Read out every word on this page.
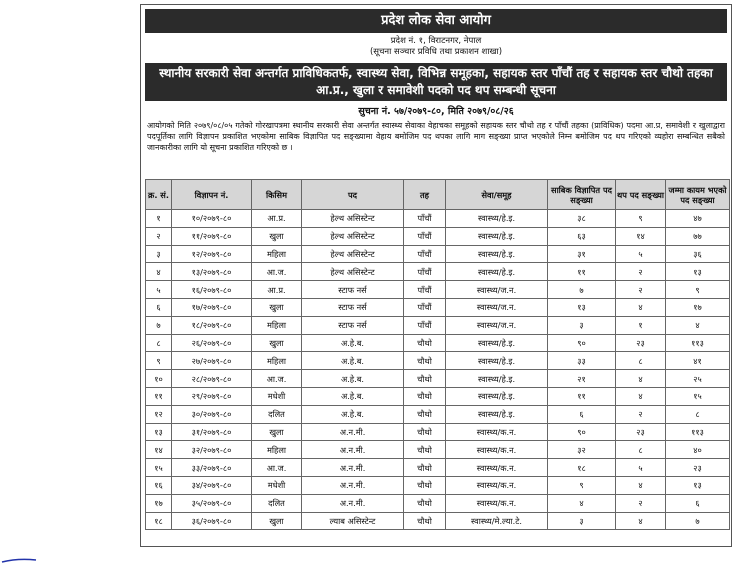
प्रदेश लोक सेवा आयोग
प्रदेश नं. १, विराटनगर, नेपाल
(सूचना सञ्चार प्रविधि तथा प्रकाशन शाखा)
स्थानीय सरकारी सेवा अन्तर्गत प्राविधिकतर्फ, स्वास्थ्य सेवा, विभिन्न समूहका, सहायक स्तर पाँचौं तह र सहायक स्तर चौथो तहका आ.प्र., खुला र समावेशी पदको पद थप सम्बन्धी सूचना
सुचना नं. ५७/२०७९-८०, मिति २०७९/०८/२६
आयोगको मिति २०७९/०८/०५ गतेको गोरखापत्रमा स्थानीय सरकारी सेवा अन्तर्गत स्वास्थ्य सेवाका वेहाचका समूहको सहायक स्तर चौथो तह र पाँचौं तहका (प्राविधिक) पदमा आ.प्र, समावेशी र खुलाद्वारा पदपूर्तिका लागि विज्ञापन प्रकाशित भएकोमा साबिक विज्ञापित पद सङ्ख्यामा वेहाय बमोजिम पद थपका लागि माग सङ्ख्या प्राप्त भएकोले निम्न बमोजिम पद थप गरिएको व्यहोरा सम्बन्धित सबैको जानकारीका लागि यो सूचना प्रकाशित गरिएको छ ।
क्र. सं.	विज्ञापन नं.	किसिम	पद	तह	सेवा/समूह	साबिक विज्ञापित पद सङ्ख्या	थप पद सङ्ख्या	जम्मा कायम भएको पद सङ्ख्या
१	१०/२०७९-८०	आ.प्र.	हेल्थ असिस्टेन्ट	पाँचौं	स्वास्थ्य/हे.इ.	३८	९	४७
२	११/२०७९-८०	खुला	हेल्थ असिस्टेन्ट	पाँचौं	स्वास्थ्य/हे.इ.	६३	१४	७७
३	१२/२०७९-८०	महिला	हेल्थ असिस्टेन्ट	पाँचौं	स्वास्थ्य/हे.इ.	३१	५	३६
४	१३/२०७९-८०	आ.ज.	हेल्थ असिस्टेन्ट	पाँचौं	स्वास्थ्य/हे.इ.	११	२	१३
५	१६/२०७९-८०	आ.प्र.	स्टाफ नर्स	पाँचौं	स्वास्थ्य/ज.न.	७	२	९
६	१७/२०७९-८०	खुला	स्टाफ नर्स	पाँचौं	स्वास्थ्य/ज.न.	१३	४	१७
७	१८/२०७९-८०	महिला	स्टाफ नर्स	पाँचौं	स्वास्थ्य/ज.न.	३	१	४
८	२६/२०७९-८०	खुला	अ.हे.ब.	चौथो	स्वास्थ्य/हे.इ.	९०	२३	११३
९	२७/२०७९-८०	महिला	अ.हे.ब.	चौथो	स्वास्थ्य/हे.इ.	३३	८	४१
१०	२८/२०७९-८०	आ.ज.	अ.हे.ब.	चौथो	स्वास्थ्य/हे.इ.	२१	४	२५
११	२९/२०७९-८०	मधेशी	अ.हे.ब.	चौथो	स्वास्थ्य/हे.इ.	११	४	१५
१२	३०/२०७९-८०	दलित	अ.हे.ब.	चौथो	स्वास्थ्य/हे.इ.	६	२	८
१३	३१/२०७९-८०	खुला	अ.न.मी.	चौथो	स्वास्थ्य/क.न.	९०	२३	११३
१४	३२/२०७९-८०	महिला	अ.न.मी.	चौथो	स्वास्थ्य/क.न.	३२	८	४०
१५	३३/२०७९-८०	आ.ज.	अ.न.मी.	चौथो	स्वास्थ्य/क.न.	१८	५	२३
१६	३४/२०७९-८०	मधेशी	अ.न.मी.	चौथो	स्वास्थ्य/क.न.	९	४	१३
१७	३५/२०७९-८०	दलित	अ.न.मी.	चौथो	स्वास्थ्य/क.न.	४	२	६
१८	३६/२०७९-८०	खुला	ल्याब असिस्टेन्ट	चौथो	स्वास्थ्य/मे.ल्या.टे.	३	४	७
